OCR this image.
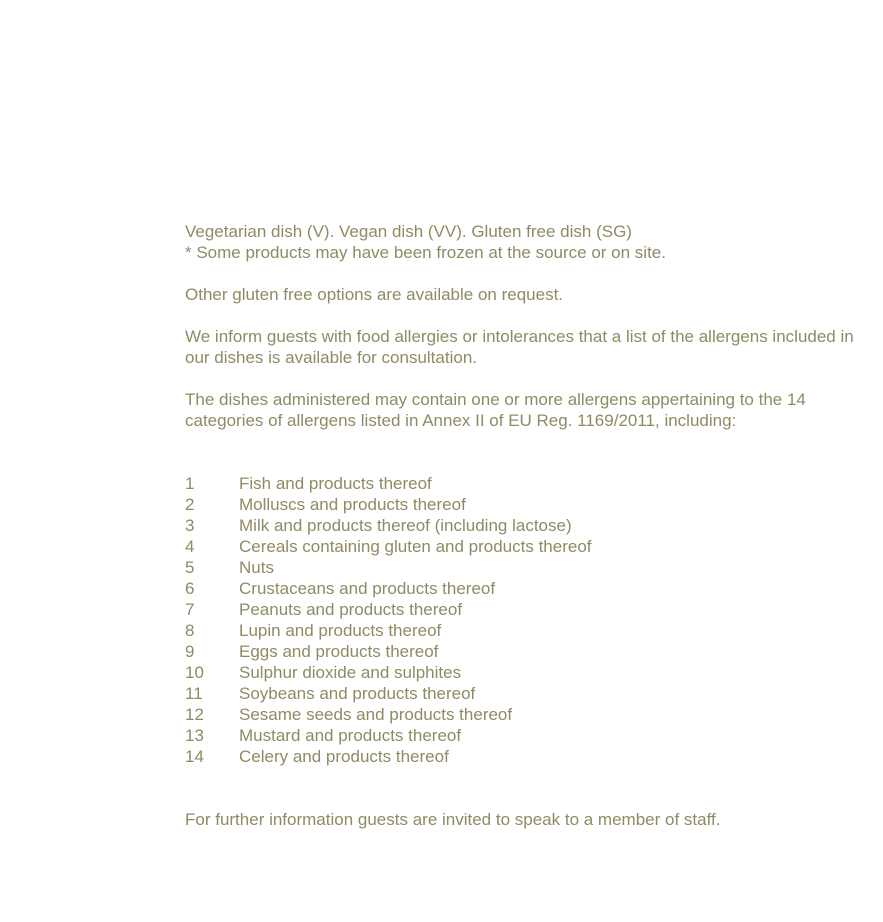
Vegetarian dish (V). Vegan dish (VV). Gluten free dish (SG)

* Some products may have been frozen at the source or on site.

Other gluten free options are available on request.

We inform guests with food allergies or intolerances that a list of the allergens included in our dishes is available for consultation.

The dishes administered may contain one or more allergens appertaining to the 14 categories of allergens listed in Annex II of EU Reg. 1169/2011, including:

1	Fish and products thereof
2	Molluscs and products thereof
3	Milk and products thereof (including lactose)
4	Cereals containing gluten and products thereof
5	Nuts
6	Crustaceans and products thereof
7	Peanuts and products thereof
8	Lupin and products thereof
9	Eggs and products thereof
10	Sulphur dioxide and sulphites
11	Soybeans and products thereof
12	Sesame seeds and products thereof
13	Mustard and products thereof
14	Celery and products thereof

For further information guests are invited to speak to a member of staff.
